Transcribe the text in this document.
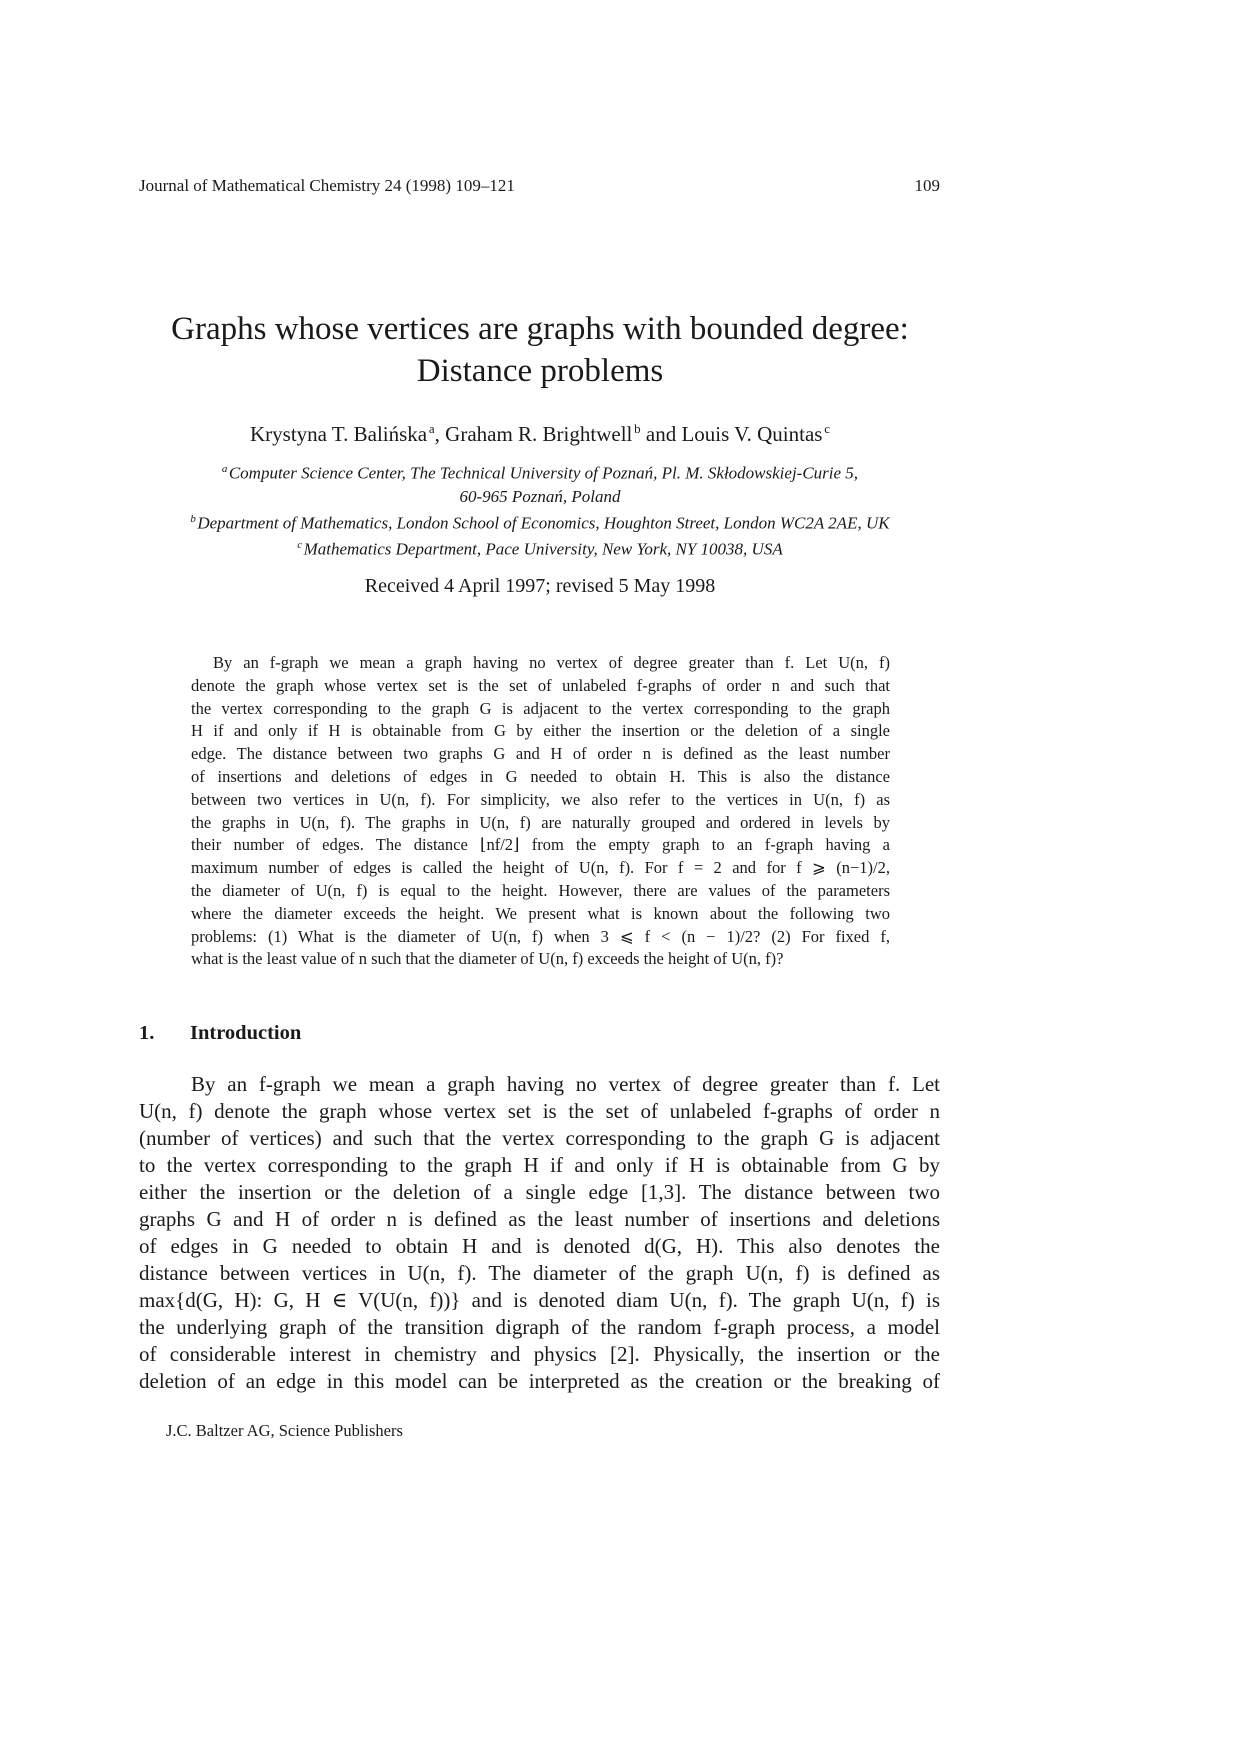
Journal of Mathematical Chemistry 24 (1998) 109–121	109
Graphs whose vertices are graphs with bounded degree:
Distance problems
Krystyna T. Balińska  $^a$, Graham R. Brightwell  $^b$ and Louis V. Quintas  $^c$
$^a$ Computer Science Center, The Technical University of Poznań, Pl. M. Skłodowskiej-Curie 5,
60-965 Poznań, Poland
$^b$ Department of Mathematics, London School of Economics, Houghton Street, London WC2A 2AE, UK
$^c$ Mathematics Department, Pace University, New York, NY 10038, USA
Received 4 April 1997; revised 5 May 1998
By an f-graph we mean a graph having no vertex of degree greater than f. Let U(n, f)
denote the graph whose vertex set is the set of unlabeled f-graphs of order n and such that
the vertex corresponding to the graph G is adjacent to the vertex corresponding to the graph
H if and only if H is obtainable from G by either the insertion or the deletion of a single
edge. The distance between two graphs G and H of order n is defined as the least number
of insertions and deletions of edges in G needed to obtain H. This is also the distance
between two vertices in U(n, f). For simplicity, we also refer to the vertices in U(n, f) as
the graphs in U(n, f). The graphs in U(n, f) are naturally grouped and ordered in levels by
their number of edges. The distance ⌊nf/2⌋ from the empty graph to an f-graph having a
maximum number of edges is called the height of U(n, f). For f = 2 and for f ⩾ (n−1)/2,
the diameter of U(n, f) is equal to the height. However, there are values of the parameters
where the diameter exceeds the height. We present what is known about the following two
problems: (1) What is the diameter of U(n, f) when 3 ⩽ f < (n − 1)/2? (2) For fixed f,
what is the least value of n such that the diameter of U(n, f) exceeds the height of U(n, f)?
1. Introduction
By an f-graph we mean a graph having no vertex of degree greater than f. Let
U(n, f) denote the graph whose vertex set is the set of unlabeled f-graphs of order n
(number of vertices) and such that the vertex corresponding to the graph G is adjacent
to the vertex corresponding to the graph H if and only if H is obtainable from G by
either the insertion or the deletion of a single edge [1,3]. The distance between two
graphs G and H of order n is defined as the least number of insertions and deletions
of edges in G needed to obtain H and is denoted d(G, H). This also denotes the
distance between vertices in U(n, f). The diameter of the graph U(n, f) is defined as
max{d(G, H): G, H ∈ V(U(n, f))} and is denoted diam U(n, f). The graph U(n, f) is
the underlying graph of the transition digraph of the random f-graph process, a model
of considerable interest in chemistry and physics [2]. Physically, the insertion or the
deletion of an edge in this model can be interpreted as the creation or the breaking of
J.C. Baltzer AG, Science Publishers
